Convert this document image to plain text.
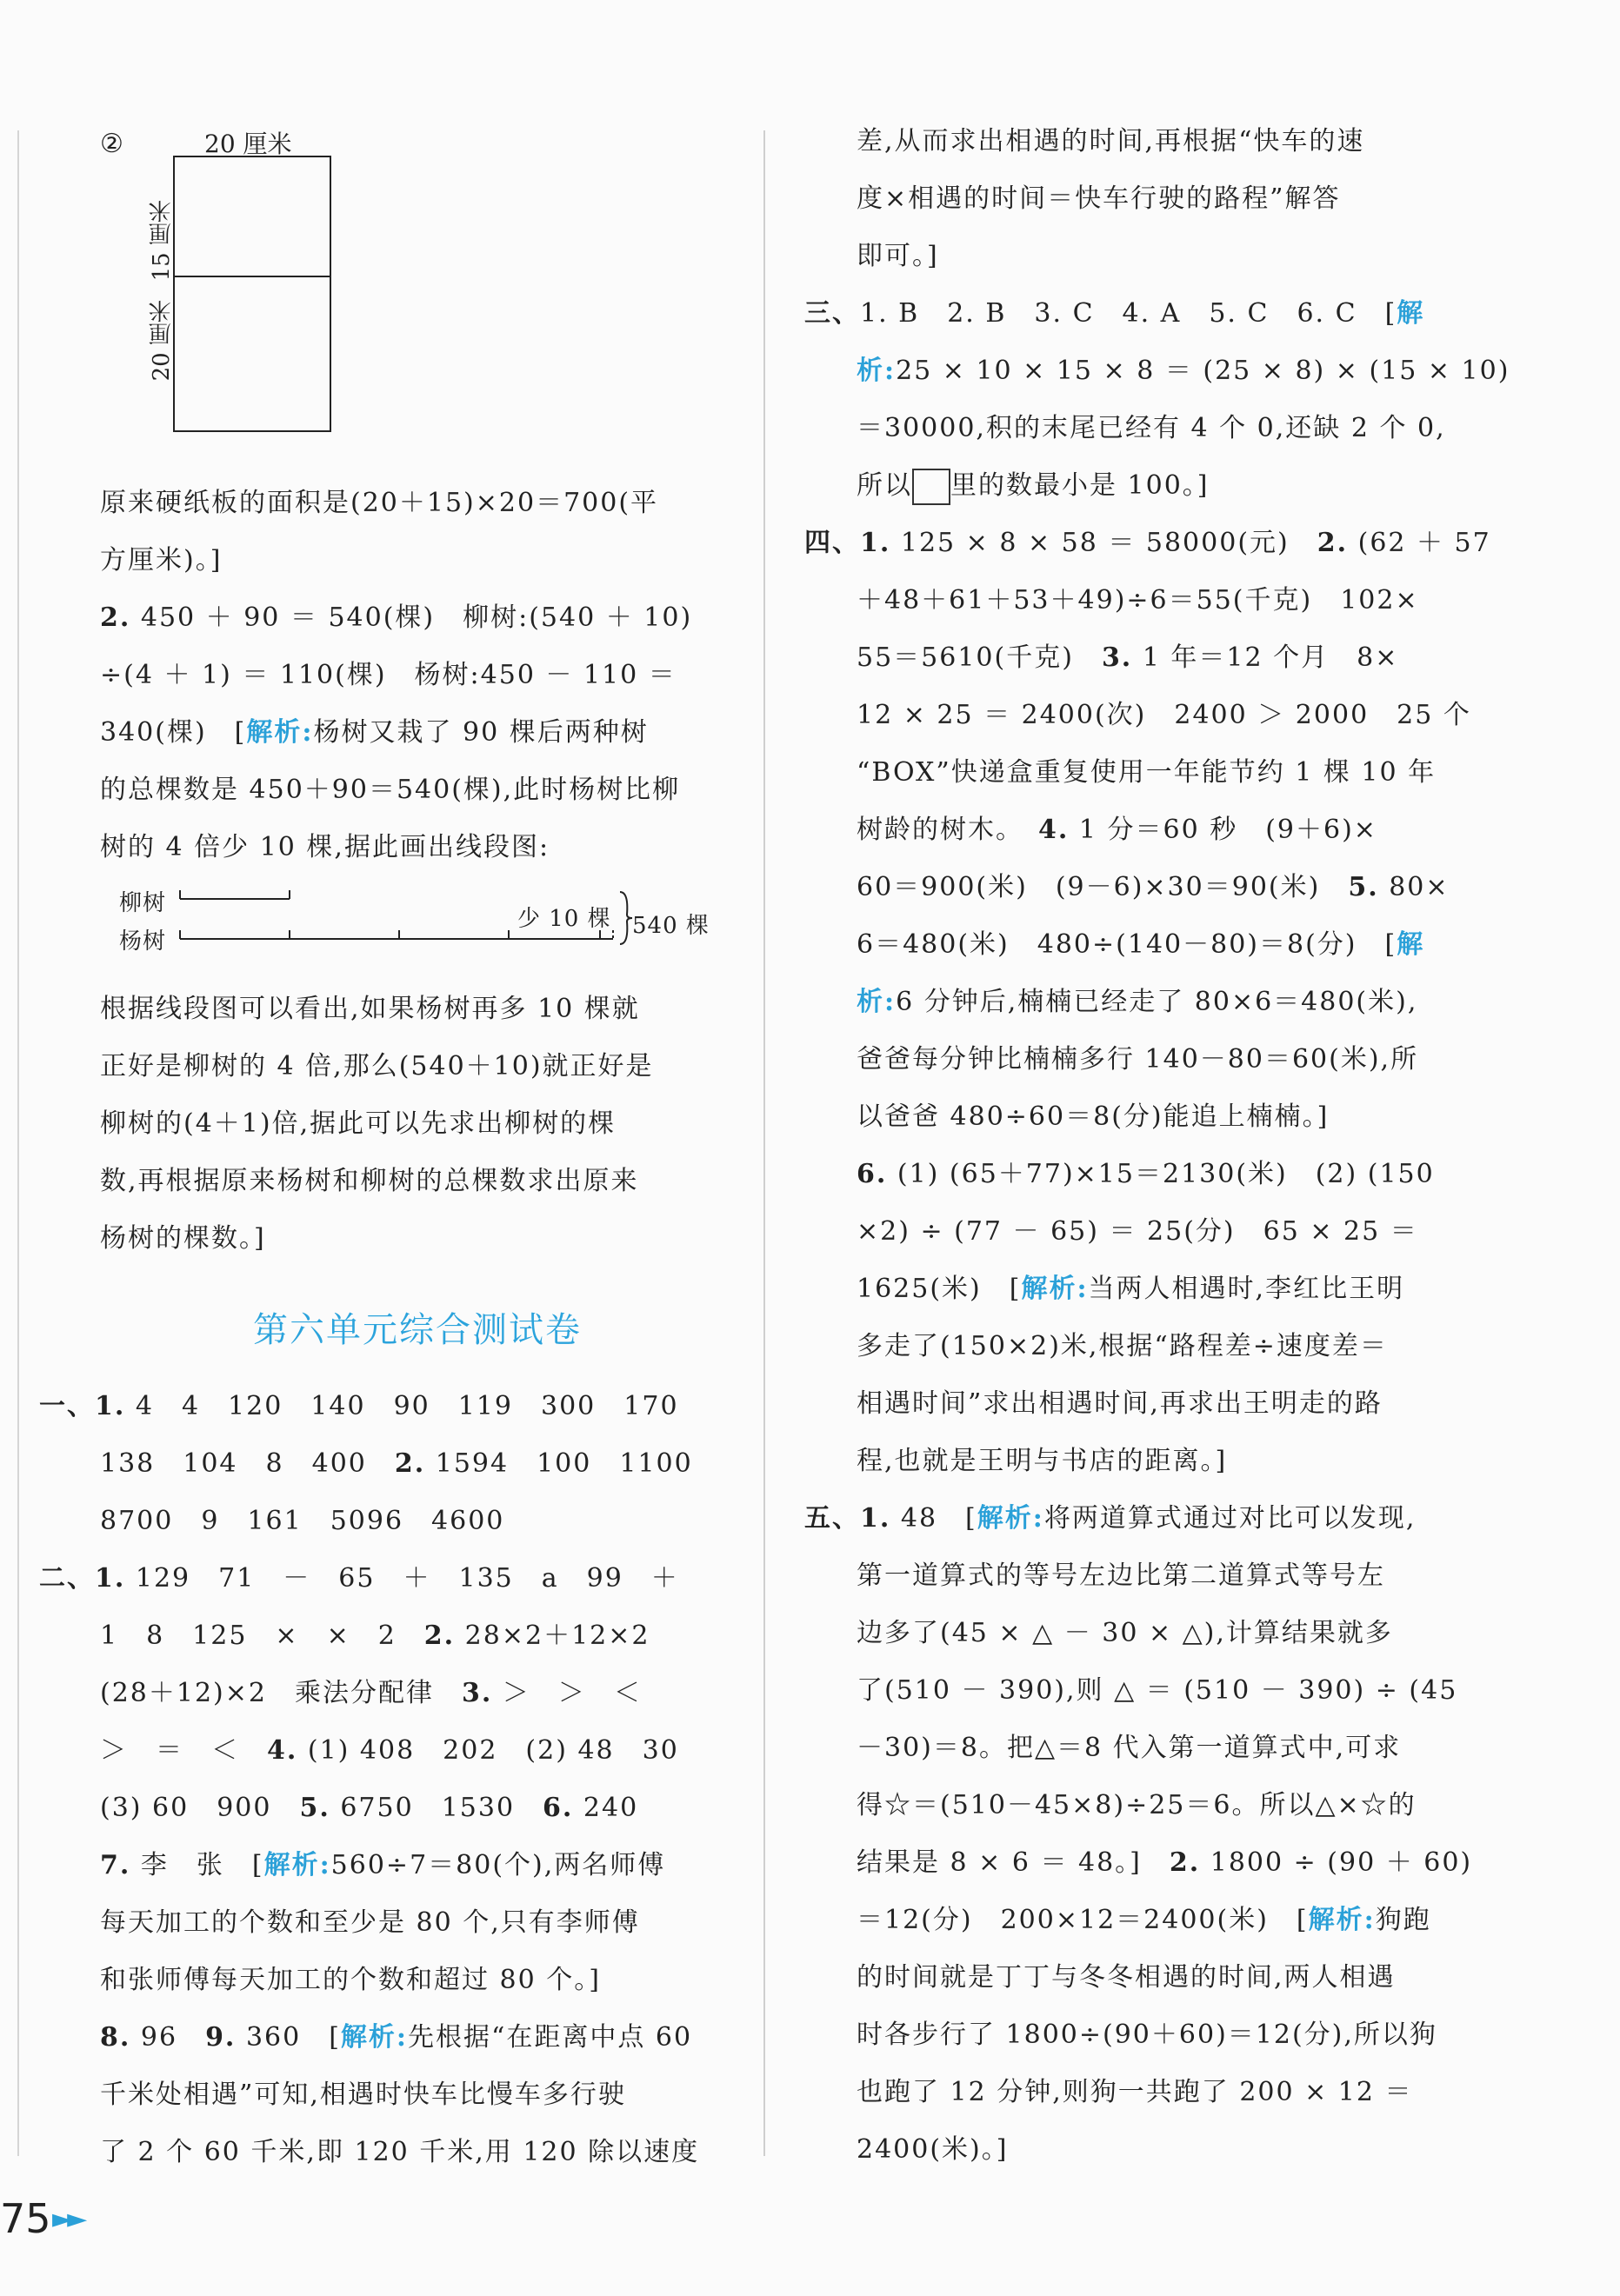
②	20 厘米
15 厘米
20 厘米

原来硬纸板的面积是(20＋15)×20＝700(平

方厘米)。]

2. 450 ＋ 90 ＝ 540(棵)　柳树:(540 ＋ 10)

÷(4 ＋ 1) ＝ 110(棵)　杨树:450 － 110 ＝

340(棵)　[解析:杨树又栽了 90 棵后两种树

的总棵数是 450＋90＝540(棵),此时杨树比柳

树的 4 倍少 10 棵,据此画出线段图:

柳树
杨树
少 10 棵 540 棵

根据线段图可以看出,如果杨树再多 10 棵就

正好是柳树的 4 倍,那么(540＋10)就正好是

柳树的(4＋1)倍,据此可以先求出柳树的棵

数,再根据原来杨树和柳树的总棵数求出原来

杨树的棵数。]

第六单元综合测试卷

一、1. 4　4　120　140　90　119　300　170

138　104　8　400　2. 1594　100　1100

8700　9　161　5096　4600

二、1. 129　71　－　65　＋　135　a　99　＋

1　8　125　×　×　2　2. 28×2＋12×2

(28＋12)×2　乘法分配律　3. ＞　＞　＜

＞　＝　＜　4. (1) 408　202　(2) 48　30

(3) 60　900　5. 6750　1530　6. 240

7. 李　张　[解析:560÷7＝80(个),两名师傅

每天加工的个数和至少是 80 个,只有李师傅

和张师傅每天加工的个数和超过 80 个。]

8. 96　9. 360　[解析:先根据“在距离中点 60

千米处相遇”可知,相遇时快车比慢车多行驶

了 2 个 60 千米,即 120 千米,用 120 除以速度

差,从而求出相遇的时间,再根据“快车的速

度×相遇的时间＝快车行驶的路程”解答

即可。]

三、1. B　2. B　3. C　4. A　5. C　6. C　[解

析:25 × 10 × 15 × 8 ＝ (25 × 8) × (15 × 10)

＝30000,积的末尾已经有 4 个 0,还缺 2 个 0,

所以 里的数最小是 100。]

四、1. 125 × 8 × 58 ＝ 58000(元)　2. (62 ＋ 57

＋48＋61＋53＋49)÷6＝55(千克)　102×

55＝5610(千克)　3. 1 年＝12 个月　8×

12 × 25 ＝ 2400(次)　2400 ＞ 2000　25 个

“BOX”快递盒重复使用一年能节约 1 棵 10 年

树龄的树木。　4. 1 分＝60 秒　(9＋6)×

60＝900(米)　(9－6)×30＝90(米)　5. 80×

6＝480(米)　480÷(140－80)＝8(分)　[解

析:6 分钟后,楠楠已经走了 80×6＝480(米),

爸爸每分钟比楠楠多行 140－80＝60(米),所

以爸爸 480÷60＝8(分)能追上楠楠。]

6. (1) (65＋77)×15＝2130(米)　(2) (150

×2) ÷ (77 － 65) ＝ 25(分)　65 × 25 ＝

1625(米)　[解析:当两人相遇时,李红比王明

多走了(150×2)米,根据“路程差÷速度差＝

相遇时间”求出相遇时间,再求出王明走的路

程,也就是王明与书店的距离。]

五、1. 48　[解析:将两道算式通过对比可以发现,

第一道算式的等号左边比第二道算式等号左

边多了(45 × △ － 30 × △),计算结果就多

了(510 － 390),则 △ ＝ (510 － 390) ÷ (45

－30)＝8。把△＝8 代入第一道算式中,可求

得☆＝(510－45×8)÷25＝6。所以△×☆的

结果是 8 × 6 ＝ 48。]　2. 1800 ÷ (90 ＋ 60)

＝12(分)　200×12＝2400(米)　[解析:狗跑

的时间就是丁丁与冬冬相遇的时间,两人相遇

时各步行了 1800÷(90＋60)＝12(分),所以狗

也跑了 12 分钟,则狗一共跑了 200 × 12 ＝

2400(米)。]

75 ►►
